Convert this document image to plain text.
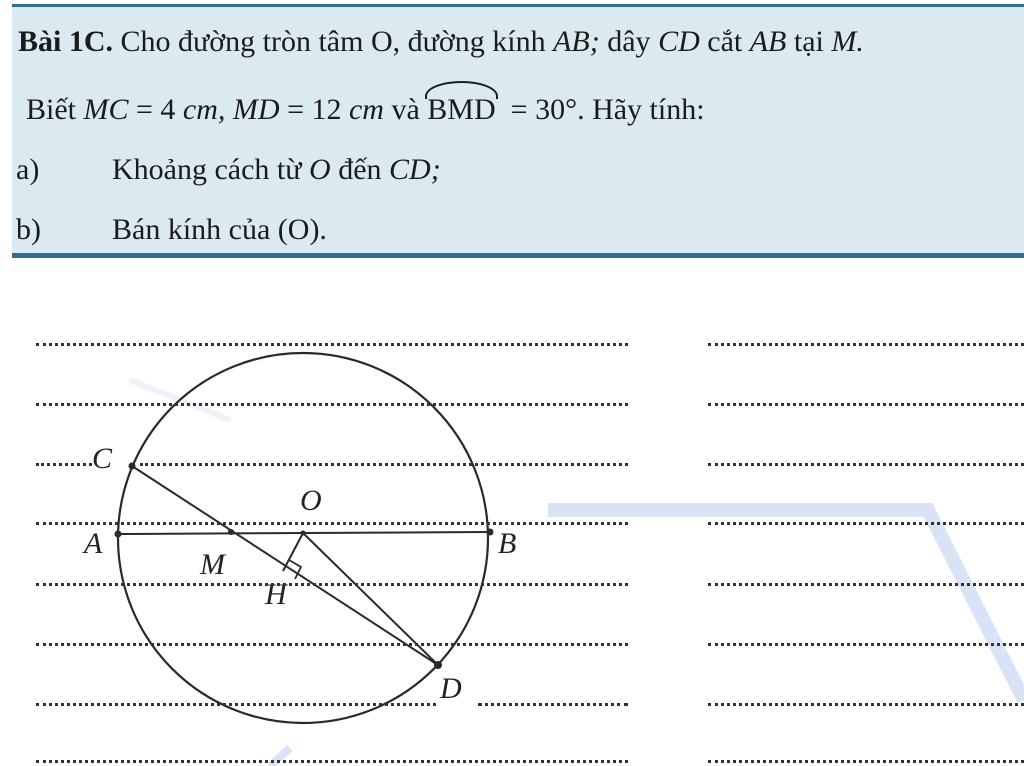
C
A
M
O
H
B
D
Bài 1C. Cho đường tròn tâm O, đường kính AB; dây CD cắt AB tại M.
Biết MC = 4 cm, MD = 12 cm và BMD = 30°. Hãy tính:
a) Khoảng cách từ O đến CD;
b) Bán kính của (O).
